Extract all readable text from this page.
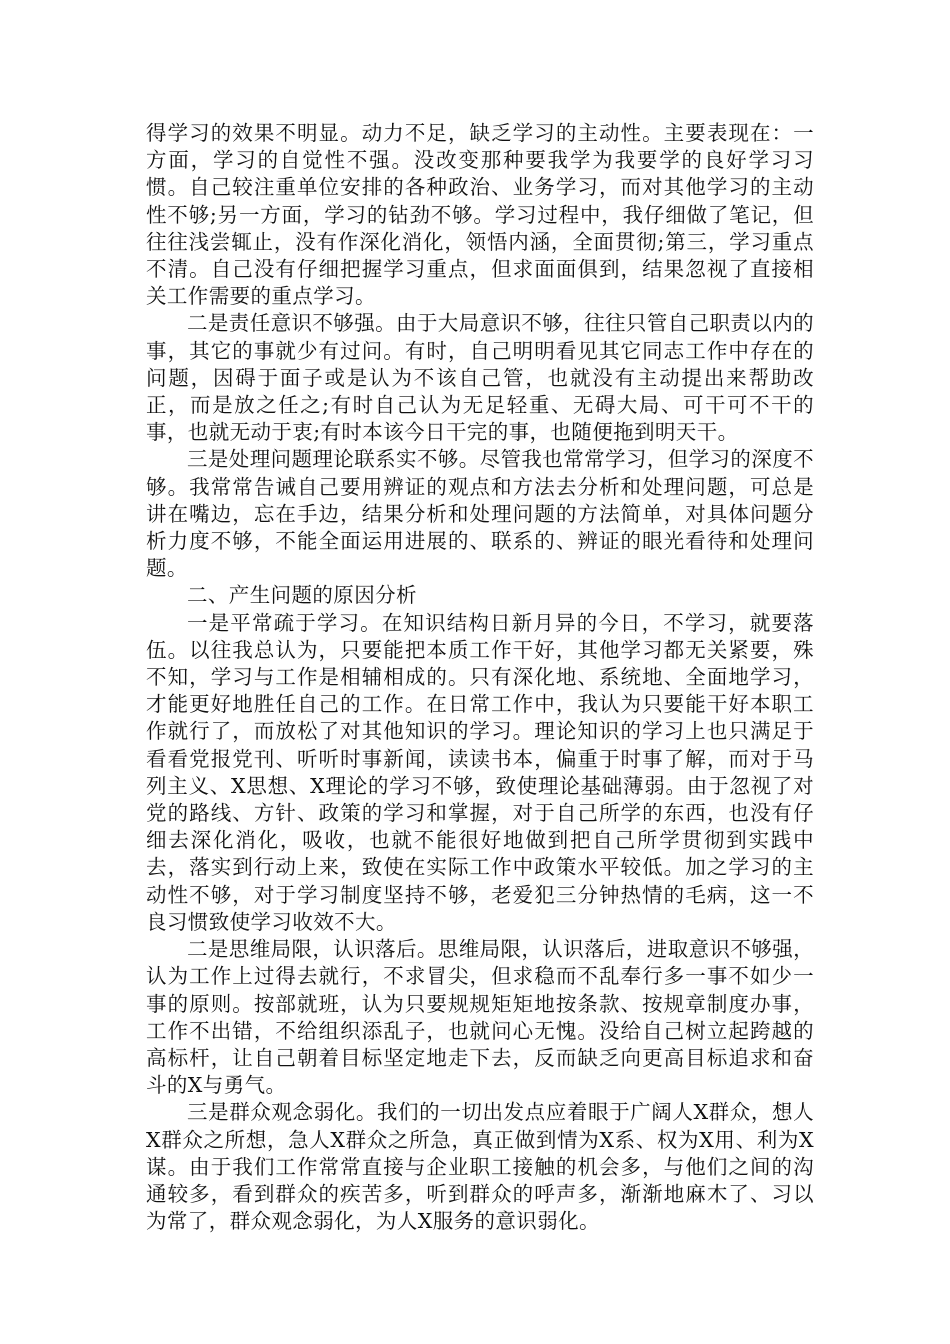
得学习的效果不明显。动力不足，缺乏学习的主动性。主要表现在：一方面，学习的自觉性不强。没改变那种要我学为我要学的良好学习习惯。自己较注重单位安排的各种政治、业务学习，而对其他学习的主动性不够;另一方面，学习的钻劲不够。学习过程中，我仔细做了笔记，但往往浅尝辄止，没有作深化消化，领悟内涵，全面贯彻;第三，学习重点不清。自己没有仔细把握学习重点，但求面面俱到，结果忽视了直接相关工作需要的重点学习。

二是责任意识不够强。由于大局意识不够，往往只管自己职责以内的事，其它的事就少有过问。有时，自己明明看见其它同志工作中存在的问题，因碍于面子或是认为不该自己管，也就没有主动提出来帮助改正，而是放之任之;有时自己认为无足轻重、无碍大局、可干可不干的事，也就无动于衷;有时本该今日干完的事，也随便拖到明天干。

三是处理问题理论联系实不够。尽管我也常常学习，但学习的深度不够。我常常告诫自己要用辨证的观点和方法去分析和处理问题，可总是讲在嘴边，忘在手边，结果分析和处理问题的方法简单，对具体问题分析力度不够，不能全面运用进展的、联系的、辨证的眼光看待和处理问题。

二、产生问题的原因分析

一是平常疏于学习。在知识结构日新月异的今日，不学习，就要落伍。以往我总认为，只要能把本质工作干好，其他学习都无关紧要，殊不知，学习与工作是相辅相成的。只有深化地、系统地、全面地学习，才能更好地胜任自己的工作。在日常工作中，我认为只要能干好本职工作就行了，而放松了对其他知识的学习。理论知识的学习上也只满足于看看党报党刊、听听时事新闻，读读书本，偏重于时事了解，而对于马列主义、X思想、X理论的学习不够，致使理论基础薄弱。由于忽视了对党的路线、方针、政策的学习和掌握，对于自己所学的东西，也没有仔细去深化消化，吸收，也就不能很好地做到把自己所学贯彻到实践中去，落实到行动上来，致使在实际工作中政策水平较低。加之学习的主动性不够，对于学习制度坚持不够，老爱犯三分钟热情的毛病，这一不良习惯致使学习收效不大。

二是思维局限，认识落后。思维局限，认识落后，进取意识不够强，认为工作上过得去就行，不求冒尖，但求稳而不乱奉行多一事不如少一事的原则。按部就班，认为只要规规矩矩地按条款、按规章制度办事，工作不出错，不给组织添乱子，也就问心无愧。没给自己树立起跨越的高标杆，让自己朝着目标坚定地走下去，反而缺乏向更高目标追求和奋斗的X与勇气。

三是群众观念弱化。我们的一切出发点应着眼于广阔人X群众，想人X群众之所想，急人X群众之所急，真正做到情为X系、权为X用、利为X谋。由于我们工作常常直接与企业职工接触的机会多，与他们之间的沟通较多，看到群众的疾苦多，听到群众的呼声多，渐渐地麻木了、习以为常了，群众观念弱化，为人X服务的意识弱化。
